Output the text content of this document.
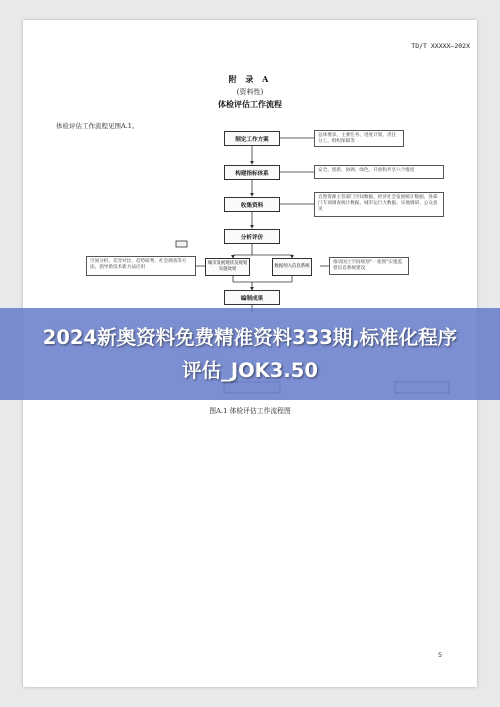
TD/T XXXXX—202X
附 录 A
(资料性)
体检评估工作流程
体检评估工作流程见图A.1。
制定工作方案
构建指标体系
收集资料
分析评价
城市发展现状及规划实施效果
数据纳入信息系统
编制成果
总体要求、主要任务、进度计划、责任分工、组织保障等
安全、创新、协调、绿色、开放和共享六个维度
自然资源主管部门空间数据、经济社会发展统计数据、各部门专项调查统计数据、城市运行大数据、实地调研、公众意见
空间分析、差异对比、趋势研判、社会调查等方法，倡导新技术新方法应用
推动国土空间规划“一张图”实施监督信息系统建设
2024新奥资料免费精准资料333期,标准化程序评估_JOK3.50
图A.1 体检评估工作流程图
5
